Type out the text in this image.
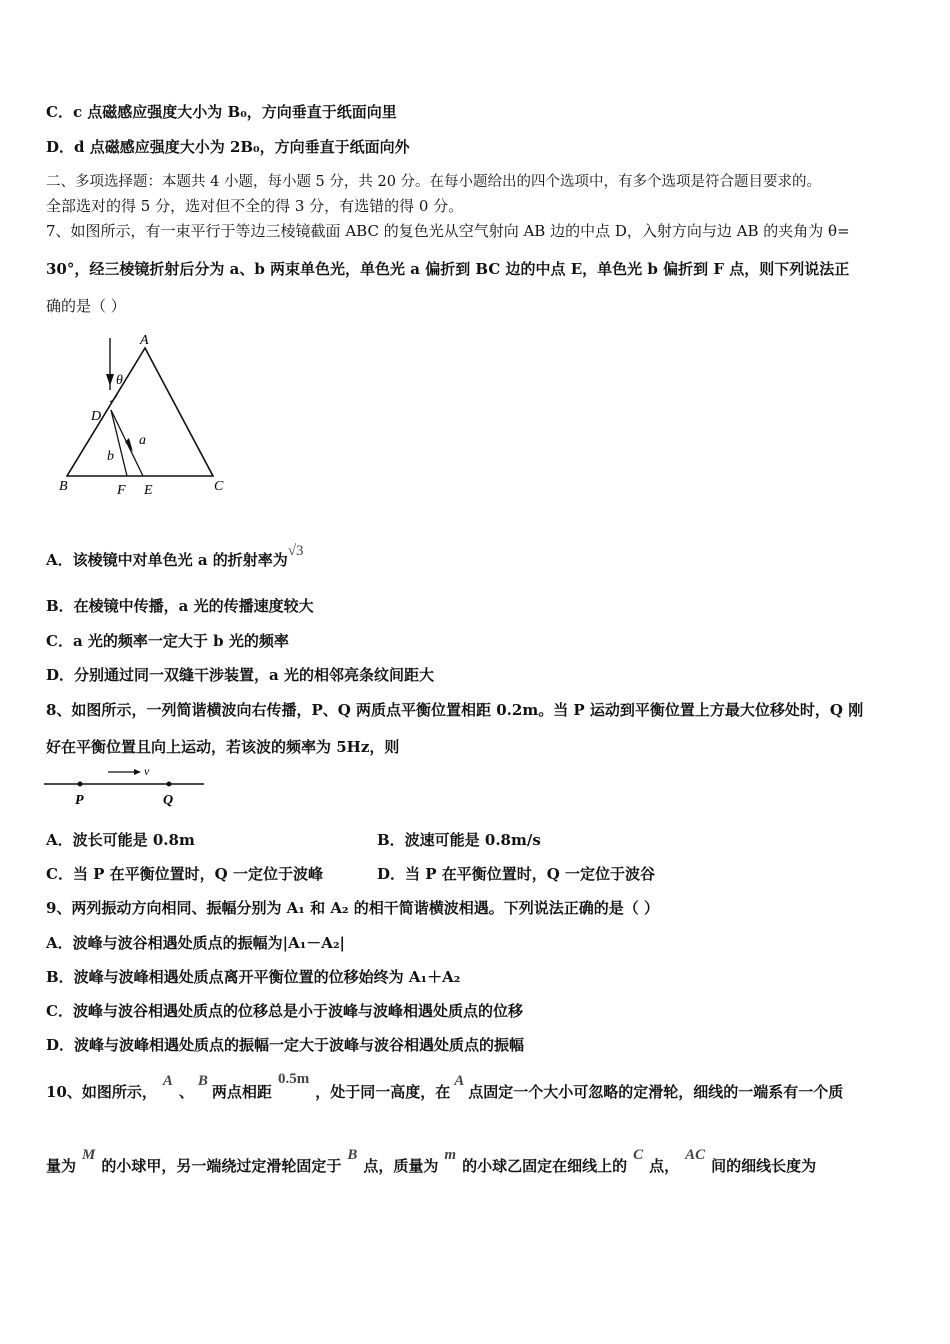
C．c 点磁感应强度大小为 B₀，方向垂直于纸面向里
D．d 点磁感应强度大小为 2B₀，方向垂直于纸面向外
二、多项选择题：本题共 4 小题，每小题 5 分，共 20 分。在每小题给出的四个选项中，有多个选项是符合题目要求的。
全部选对的得 5 分，选对但不全的得 3 分，有选错的得 0 分。
7、如图所示，有一束平行于等边三棱镜截面 ABC 的复色光从空气射向 AB 边的中点 D，入射方向与边 AB 的夹角为 θ=
30°，经三棱镜折射后分为 a、b 两束单色光，单色光 a 偏折到 BC 边的中点 E，单色光 b 偏折到 F 点，则下列说法正
确的是（ ）
A
θ
D
a
b
B	F E	C
A．该棱镜中对单色光 a 的折射率为√3
B．在棱镜中传播，a 光的传播速度较大
C．a 光的频率一定大于 b 光的频率
D．分别通过同一双缝干涉装置，a 光的相邻亮条纹间距大
8、如图所示，一列简谐横波向右传播，P、Q 两质点平衡位置相距 0.2m。当 P 运动到平衡位置上方最大位移处时，Q 刚
好在平衡位置且向上运动，若该波的频率为 5Hz，则
v
P	Q
A．波长可能是 0.8m	B．波速可能是 0.8m/s
C．当 P 在平衡位置时，Q 一定位于波峰	D．当 P 在平衡位置时，Q 一定位于波谷
9、两列振动方向相同、振幅分别为 A₁ 和 A₂ 的相干简谐横波相遇。下列说法正确的是（ ）
A．波峰与波谷相遇处质点的振幅为|A₁－A₂|
B．波峰与波峰相遇处质点离开平衡位置的位移始终为 A₁＋A₂
C．波峰与波谷相遇处质点的位移总是小于波峰与波峰相遇处质点的位移
D．波峰与波峰相遇处质点的振幅一定大于波峰与波谷相遇处质点的振幅
10、如图所示，A、B两点相距0.5m，处于同一高度，在A点固定一个大小可忽略的定滑轮，细线的一端系有一个质
量为M的小球甲，另一端绕过定滑轮固定于B点，质量为m的小球乙固定在细线上的C点，AC间的细线长度为
